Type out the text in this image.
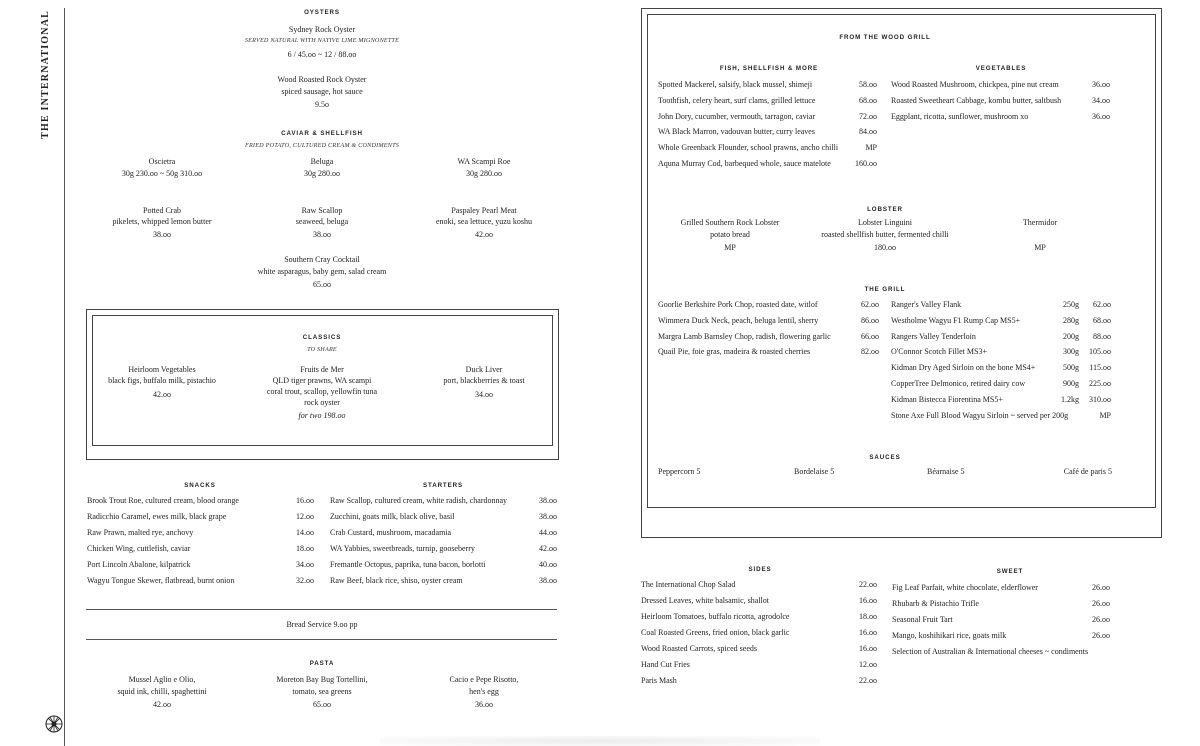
THE INTERNATIONAL	OYSTERS
Sydney Rock Oyster
SERVED NATURAL WITH NATIVE LIME MIGNONETTE
6 / 45.oo ~ 12 / 88.oo
Wood Roasted Rock Oyster
spiced sausage, hot sauce
9.5o
CAVIAR & SHELLFISH
FRIED POTATO, CULTURED CREAM & CONDIMENTS
Oscietra
30g 230.oo ~ 50g 310.oo
Beluga
30g 280.oo
WA Scampi Roe
30g 280.oo
Potted Crab
pikelets, whipped lemon butter
38.oo
Raw Scallop
seaweed, beluga
38.oo
Paspaley Pearl Meat
enoki, sea lettuce, yuzu koshu
42.oo
Southern Cray Cocktail
white asparagus, baby gem, salad cream
65.oo
CLASSICS
TO SHARE
Heirloom Vegetables
black figs, buffalo milk, pistachio
42.oo
Fruits de Mer
QLD tiger prawns, WA scampi
coral trout, scallop, yellowfin tuna
rock oyster
for two 198.oo
Duck Liver
port, blackberries & toast
34.oo
SNACKS
Brook Trout Roe, cultured cream, blood orange	16.oo
Radicchio Caramel, ewes milk, black grape	12.oo
Raw Prawn, malted rye, anchovy	14.oo
Chicken Wing, cuttlefish, caviar	18.oo
Port Lincoln Abalone, kilpatrick	34.oo
Wagyu Tongue Skewer, flatbread, burnt onion	32.oo
STARTERS
Raw Scallop, cultured cream, white radish, chardonnay	38.oo
Zucchini, goats milk, black olive, basil	38.oo
Crab Custard, mushroom, macadamia	44.oo
WA Yabbies, sweetbreads, turnip, gooseberry	42.oo
Fremantle Octopus, paprika, tuna bacon, borlotti	40.oo
Raw Beef, black rice, shiso, oyster cream	38.oo
Bread Service 9.oo pp
PASTA
Mussel Aglio e Olio,
squid ink, chilli, spaghettini
42.oo
Moreton Bay Bug Tortellini,
tomato, sea greens
65.oo
Cacio e Pepe Risotto,
hen's egg
36.oo
FROM THE WOOD GRILL
FISH, SHELLFISH & MORE
Spotted Mackerel, salsify, black mussel, shimeji	58.oo
Toothfish, celery heart, surf clams, grilled lettuce	68.oo
John Dory, cucumber, vermouth, tarragon, caviar	72.oo
WA Black Marron, vadouvan butter, curry leaves	84.oo
Whole Greenback Flounder, school prawns, ancho chilli	MP
Aquna Murray Cod, barbequed whole, sauce matelote	160.oo
VEGETABLES
Wood Roasted Mushroom, chickpea, pine nut cream	36.oo
Roasted Sweetheart Cabbage, kombu butter, saltbush	34.oo
Eggplant, ricotta, sunflower, mushroom xo	36.oo
LOBSTER
Grilled Southern Rock Lobster
potato bread
MP
Lobster Linguini
roasted shellfish butter, fermented chilli
180.oo
Thermidor
MP
THE GRILL
Goorlie Berkshire Pork Chop, roasted date, witlof	62.oo
Wimmera Duck Neck, peach, beluga lentil, sherry	86.oo
Margra Lamb Barnsley Chop, radish, flowering garlic	66.oo
Quail Pie, foie gras, madeira & roasted cherries	82.oo
Ranger's Valley Flank	250g	62.oo
Westholme Wagyu F1 Rump Cap MS5+	280g	68.oo
Rangers Valley Tenderloin	200g	88.oo
O'Connor Scotch Fillet MS3+	300g	105.oo
Kidman Dry Aged Sirloin on the bone MS4+	500g	115.oo
CopperTree Delmonico, retired dairy cow	900g	225.oo
Kidman Bistecca Fiorentina MS5+	1.2kg	310.oo
Stone Axe Full Blood Wagyu Sirloin ~ served per 200g	MP
SAUCES
Peppercorn 5	Bordelaise 5	Béarnaise 5	Café de paris 5
SIDES
The International Chop Salad	22.oo
Dressed Leaves, white balsamic, shallot	16.oo
Heirloom Tomatoes, buffalo ricotta, agrodolce	18.oo
Coal Roasted Greens, fried onion, black garlic	16.oo
Wood Roasted Carrots, spiced seeds	16.oo
Hand Cut Fries	12.oo
Paris Mash	22.oo
SWEET
Fig Leaf Parfait, white chocolate, elderflower	26.oo
Rhubarb & Pistachio Trifle	26.oo
Seasonal Fruit Tart	26.oo
Mango, koshihikari rice, goats milk	26.oo
Selection of Australian & International cheeses ~ condiments
